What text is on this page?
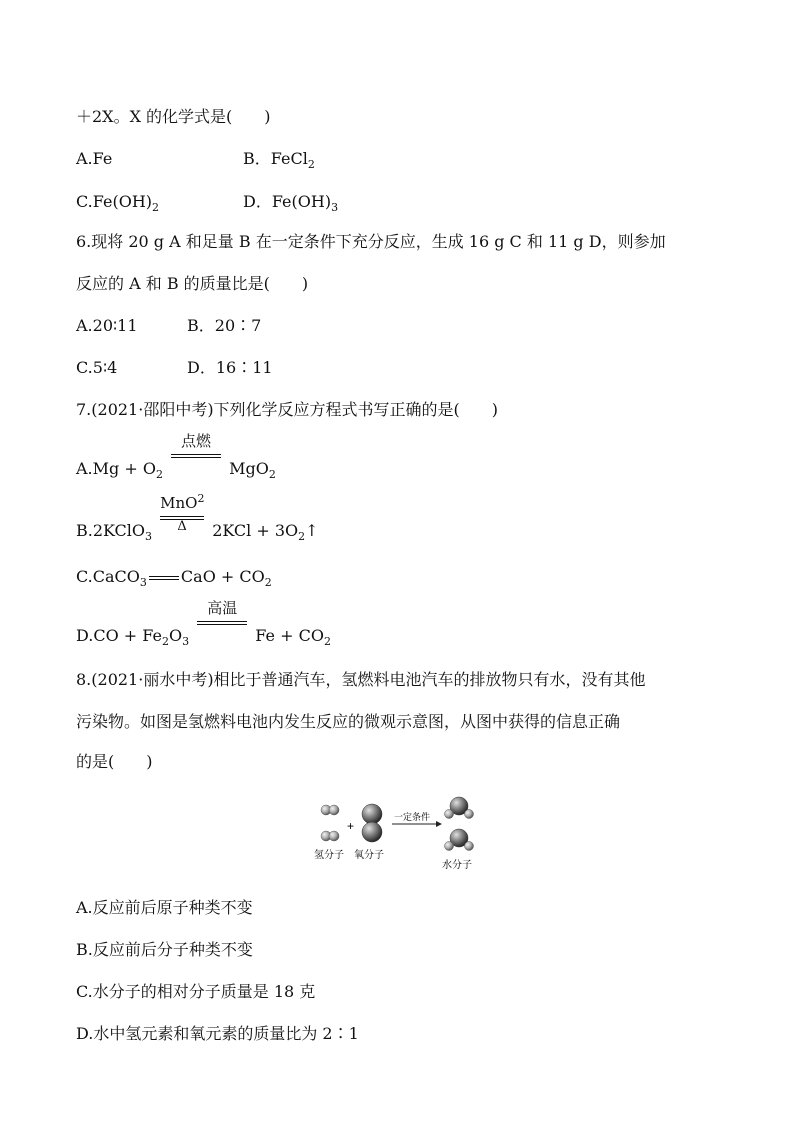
＋2X。X 的化学式是(　　)
A.Fe	B．FeCl$_2$
$C.Fe(OH)_2$	D．$Fe(OH)_3$
6.现将 20 g A 和足量 B 在一定条件下充分反应，生成 16 g C 和 11 g D，则参加
反应的 A 和 B 的质量比是(　　)
A.20∶11	B．20∶7
C.5∶4	D．16∶11
7.(2021·邵阳中考)下列化学反应方程式书写正确的是(　　)
$A.Mg + O_2$
点燃
MgO$_2$
B.2KClO$_3$
MnO$^2$
Δ	$2KCl + 3O_2↑$
C.CaCO$_3$ CaO + $CO_2$
$D.CO + Fe_2O_3$
高温
$Fe + CO_2$
8.(2021·丽水中考)相比于普通汽车，氢燃料电池汽车的排放物只有水，没有其他
污染物。如图是氢燃料电池内发生反应的微观示意图，从图中获得的信息正确
的是(　　)
+
一定条件
氢分子 氧分子
水分子
A.反应前后原子种类不变
B.反应前后分子种类不变
C.水分子的相对分子质量是 18 克
D.水中氢元素和氧元素的质量比为 2∶1
